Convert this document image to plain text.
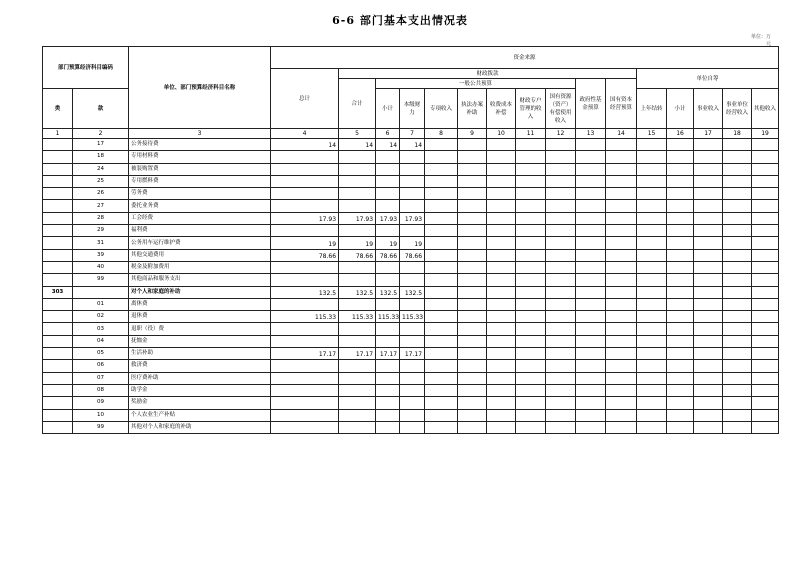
6-6 部门基本支出情况表
单位：万
元
部门预算经济科目编码		单位、部门预算经济科目名称	资金来源															
			总计	财政拨款										单位自筹				
				合计	一般公共预算							政府性基金预算	国有资本经营预算					
类	款				小计	本级财力	专项收入	执法办案补助	收费成本补偿	财政专户管理的收入	国有资源（资产）有偿使用收入			上年结转	小计	事业收入	事业单位经营收入	其他收入

1	2	3	4	5	6	7	8	9	10	11	12	13	14	15	16	17	18	19
	17	公务接待费	14	14	14	14												
	18	专用材料费																
	24	被装购置费																
	25	专用燃料费																
	26	劳务费																
	27	委托业务费																
	28	工会经费	17.93	17.93	17.93	17.93												
	29	福利费																
	31	公务用车运行维护费	19	19	19	19												
	39	其他交通费用	78.66	78.66	78.66	78.66												
	40	税金及附加费用																
	99	其他商品和服务支出																
303		对个人和家庭的补助	132.5	132.5	132.5	132.5												
	01	离休费																
	02	退休费	115.33	115.33	115.33	115.33												
	03	退职（役）费																
	04	抚恤金																
	05	生活补助	17.17	17.17	17.17	17.17												
	06	救济费																
	07	医疗费补助																
	08	助学金																
	09	奖励金																
	10	个人农业生产补贴																
	99	其他对个人和家庭的补助																
